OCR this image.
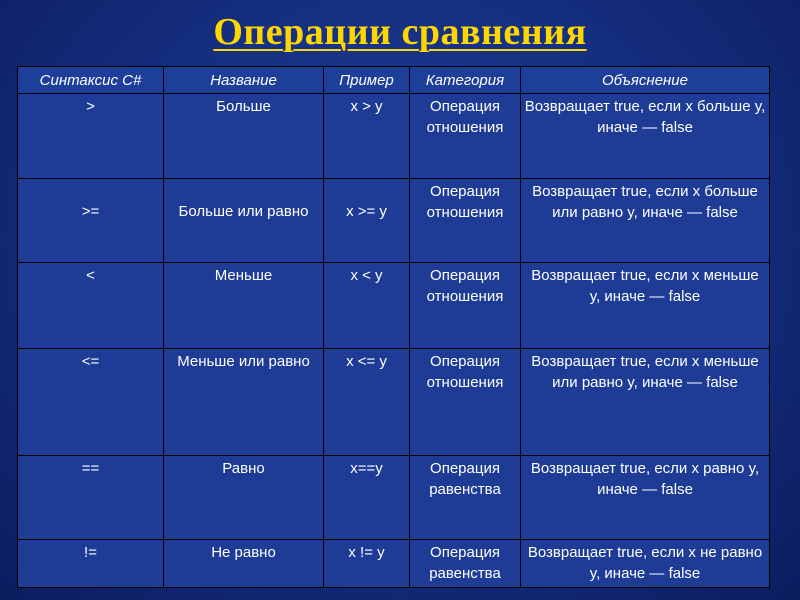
Операции сравнения
Синтаксис C#	Название	Пример	Категория	Объяснение
>	Больше	x > y	Операция отношения	Возвращает true, если x больше y, иначе — false
>=	Больше или равно	x >= y	Операция отношения	Возвращает true, если x больше или равно y, иначе — false
<	Меньше	x < y	Операция отношения	Возвращает true, если x меньше y, иначе — false
<=	Меньше или равно	x <= y	Операция отношения	Возвращает true, если x меньше или равно y, иначе — false
==	Равно	x==y	Операция равенства	Возвращает true, если x равно y, иначе — false
!=	Не равно	x != y	Операция равенства	Возвращает true, если x не равно y, иначе — false
